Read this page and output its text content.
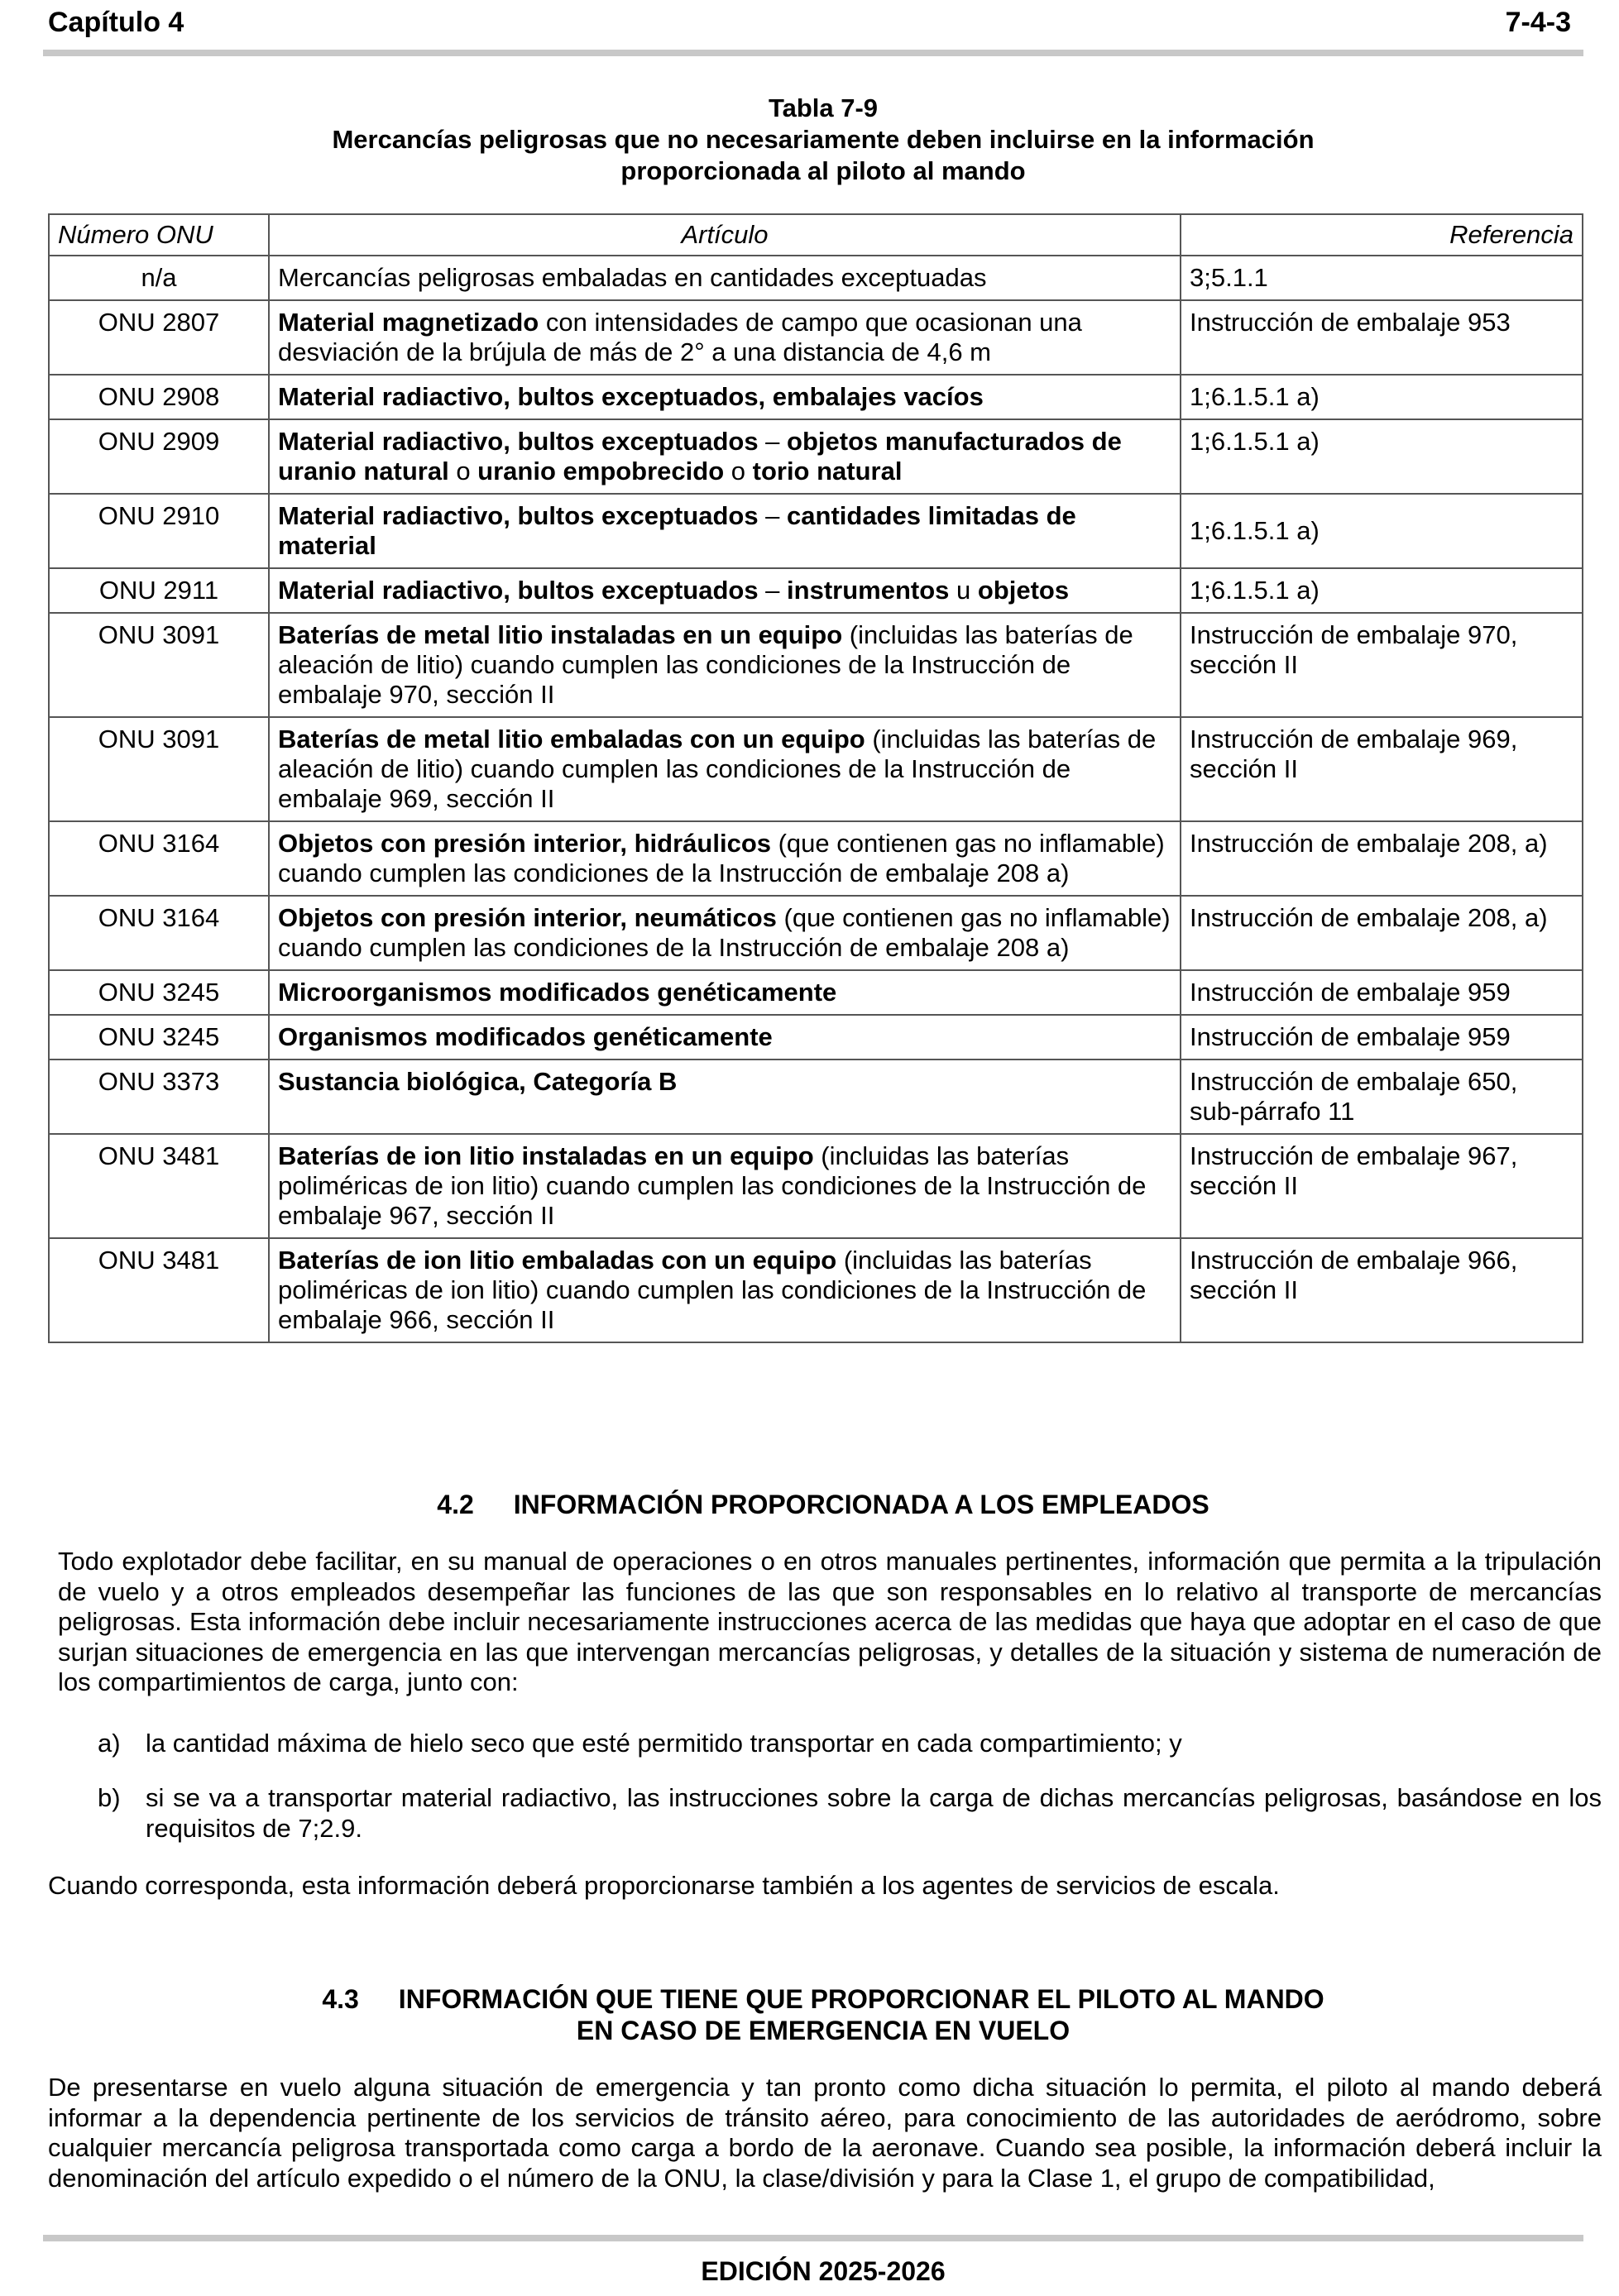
Capítulo 4	7-4-3
Tabla 7-9
Mercancías peligrosas que no necesariamente deben incluirse en la información
proporcionada al piloto al mando
Número ONU	Artículo	Referencia
n/a	Mercancías peligrosas embaladas en cantidades exceptuadas	3;5.1.1
ONU 2807	Material magnetizado con intensidades de campo que ocasionan una desviación de la brújula de más de 2° a una distancia de 4,6 m	Instrucción de embalaje 953
ONU 2908	Material radiactivo, bultos exceptuados, embalajes vacíos	1;6.1.5.1 a)
ONU 2909	Material radiactivo, bultos exceptuados – objetos manufacturados de uranio natural o uranio empobrecido o torio natural	1;6.1.5.1 a)
ONU 2910	Material radiactivo, bultos exceptuados – cantidades limitadas de material	1;6.1.5.1 a)
ONU 2911	Material radiactivo, bultos exceptuados – instrumentos u objetos	1;6.1.5.1 a)
ONU 3091	Baterías de metal litio instaladas en un equipo (incluidas las baterías de aleación de litio) cuando cumplen las condiciones de la Instrucción de embalaje 970, sección II	Instrucción de embalaje 970, sección II
ONU 3091	Baterías de metal litio embaladas con un equipo (incluidas las baterías de aleación de litio) cuando cumplen las condiciones de la Instrucción de embalaje 969, sección II	Instrucción de embalaje 969, sección II
ONU 3164	Objetos con presión interior, hidráulicos (que contienen gas no inflamable) cuando cumplen las condiciones de la Instrucción de embalaje 208 a)	Instrucción de embalaje 208, a)
ONU 3164	Objetos con presión interior, neumáticos (que contienen gas no inflamable) cuando cumplen las condiciones de la Instrucción de embalaje 208 a)	Instrucción de embalaje 208, a)
ONU 3245	Microorganismos modificados genéticamente	Instrucción de embalaje 959
ONU 3245	Organismos modificados genéticamente	Instrucción de embalaje 959
ONU 3373	Sustancia biológica, Categoría B	Instrucción de embalaje 650, sub-párrafo 11
ONU 3481	Baterías de ion litio instaladas en un equipo (incluidas las baterías poliméricas de ion litio) cuando cumplen las condiciones de la Instrucción de embalaje 967, sección II	Instrucción de embalaje 967, sección II
ONU 3481	Baterías de ion litio embaladas con un equipo (incluidas las baterías poliméricas de ion litio) cuando cumplen las condiciones de la Instrucción de embalaje 966, sección II	Instrucción de embalaje 966, sección II
4.2 INFORMACIÓN PROPORCIONADA A LOS EMPLEADOS
Todo explotador debe facilitar, en su manual de operaciones o en otros manuales pertinentes, información que permita a la tripulación de vuelo y a otros empleados desempeñar las funciones de las que son responsables en lo relativo al transporte de mercancías peligrosas. Esta información debe incluir necesariamente instrucciones acerca de las medidas que haya que adoptar en el caso de que surjan situaciones de emergencia en las que intervengan mercancías peligrosas, y detalles de la situación y sistema de numeración de los compartimientos de carga, junto con:
a) la cantidad máxima de hielo seco que esté permitido transportar en cada compartimiento; y
b) si se va a transportar material radiactivo, las instrucciones sobre la carga de dichas mercancías peligrosas, basándose en los requisitos de 7;2.9.
Cuando corresponda, esta información deberá proporcionarse también a los agentes de servicios de escala.
4.3 INFORMACIÓN QUE TIENE QUE PROPORCIONAR EL PILOTO AL MANDO
EN CASO DE EMERGENCIA EN VUELO
De presentarse en vuelo alguna situación de emergencia y tan pronto como dicha situación lo permita, el piloto al mando deberá informar a la dependencia pertinente de los servicios de tránsito aéreo, para conocimiento de las autoridades de aeródromo, sobre cualquier mercancía peligrosa transportada como carga a bordo de la aeronave. Cuando sea posible, la información deberá incluir la denominación del artículo expedido o el número de la ONU, la clase/división y para la Clase 1, el grupo de compatibilidad,
EDICIÓN 2025-2026
